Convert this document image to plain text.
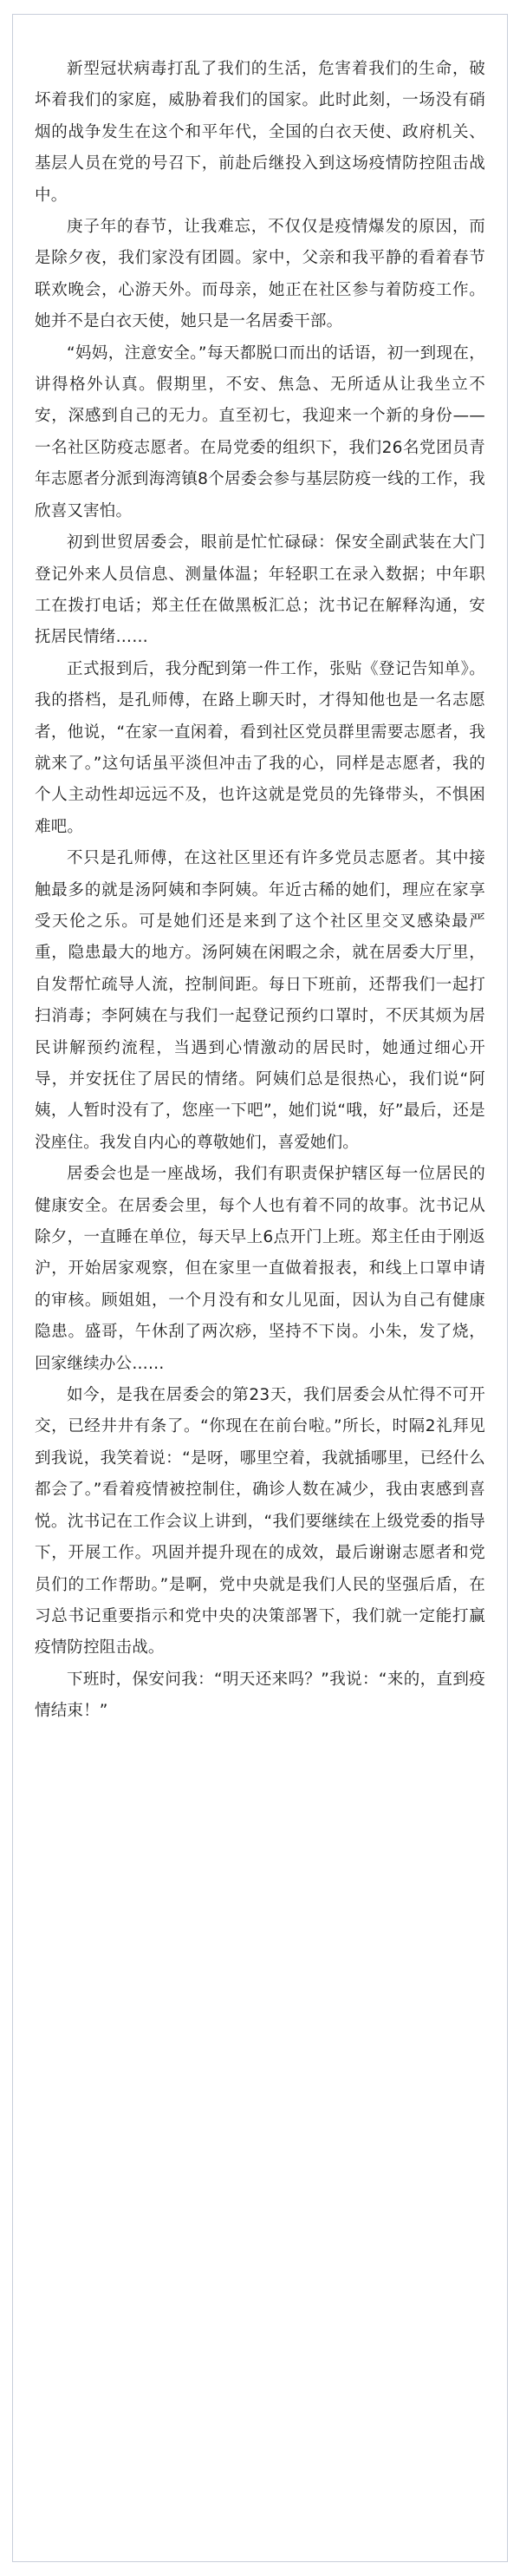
新型冠状病毒打乱了我们的生活，危害着我们的生命，破坏着我们的家庭，威胁着我们的国家。此时此刻，一场没有硝烟的战争发生在这个和平年代，全国的白衣天使、政府机关、基层人员在党的号召下，前赴后继投入到这场疫情防控阻击战中。

庚子年的春节，让我难忘，不仅仅是疫情爆发的原因，而是除夕夜，我们家没有团圆。家中，父亲和我平静的看着春节联欢晚会，心游天外。而母亲，她正在社区参与着防疫工作。她并不是白衣天使，她只是一名居委干部。

“妈妈，注意安全。”每天都脱口而出的话语，初一到现在，讲得格外认真。假期里，不安、焦急、无所适从让我坐立不安，深感到自己的无力。直至初七，我迎来一个新的身份——一名社区防疫志愿者。在局党委的组织下，我们26名党团员青年志愿者分派到海湾镇8个居委会参与基层防疫一线的工作，我欣喜又害怕。

初到世贸居委会，眼前是忙忙碌碌：保安全副武装在大门登记外来人员信息、测量体温；年轻职工在录入数据；中年职工在拨打电话；郑主任在做黑板汇总；沈书记在解释沟通，安抚居民情绪……

正式报到后，我分配到第一件工作，张贴《登记告知单》。我的搭档，是孔师傅，在路上聊天时，才得知他也是一名志愿者，他说，“在家一直闲着，看到社区党员群里需要志愿者，我就来了。”这句话虽平淡但冲击了我的心，同样是志愿者，我的个人主动性却远远不及，也许这就是党员的先锋带头，不惧困难吧。

不只是孔师傅，在这社区里还有许多党员志愿者。其中接触最多的就是汤阿姨和李阿姨。年近古稀的她们，理应在家享受天伦之乐。可是她们还是来到了这个社区里交叉感染最严重，隐患最大的地方。汤阿姨在闲暇之余，就在居委大厅里，自发帮忙疏导人流，控制间距。每日下班前，还帮我们一起打扫消毒；李阿姨在与我们一起登记预约口罩时，不厌其烦为居民讲解预约流程，当遇到心情激动的居民时，她通过细心开导，并安抚住了居民的情绪。阿姨们总是很热心，我们说“阿姨，人暂时没有了，您座一下吧”，她们说“哦，好”最后，还是没座住。我发自内心的尊敬她们，喜爱她们。

居委会也是一座战场，我们有职责保护辖区每一位居民的健康安全。在居委会里，每个人也有着不同的故事。沈书记从除夕，一直睡在单位，每天早上6点开门上班。郑主任由于刚返沪，开始居家观察，但在家里一直做着报表，和线上口罩申请的审核。顾姐姐，一个月没有和女儿见面，因认为自己有健康隐患。盛哥，午休刮了两次痧，坚持不下岗。小朱，发了烧，回家继续办公……

如今，是我在居委会的第23天，我们居委会从忙得不可开交，已经井井有条了。“你现在在前台啦。”所长，时隔2礼拜见到我说，我笑着说：“是呀，哪里空着，我就插哪里，已经什么都会了。”看着疫情被控制住，确诊人数在减少，我由衷感到喜悦。沈书记在工作会议上讲到，“我们要继续在上级党委的指导下，开展工作。巩固并提升现在的成效，最后谢谢志愿者和党员们的工作帮助。”是啊，党中央就是我们人民的坚强后盾，在习总书记重要指示和党中央的决策部署下，我们就一定能打赢疫情防控阻击战。

下班时，保安问我：“明天还来吗？”我说：“来的，直到疫情结束！”
